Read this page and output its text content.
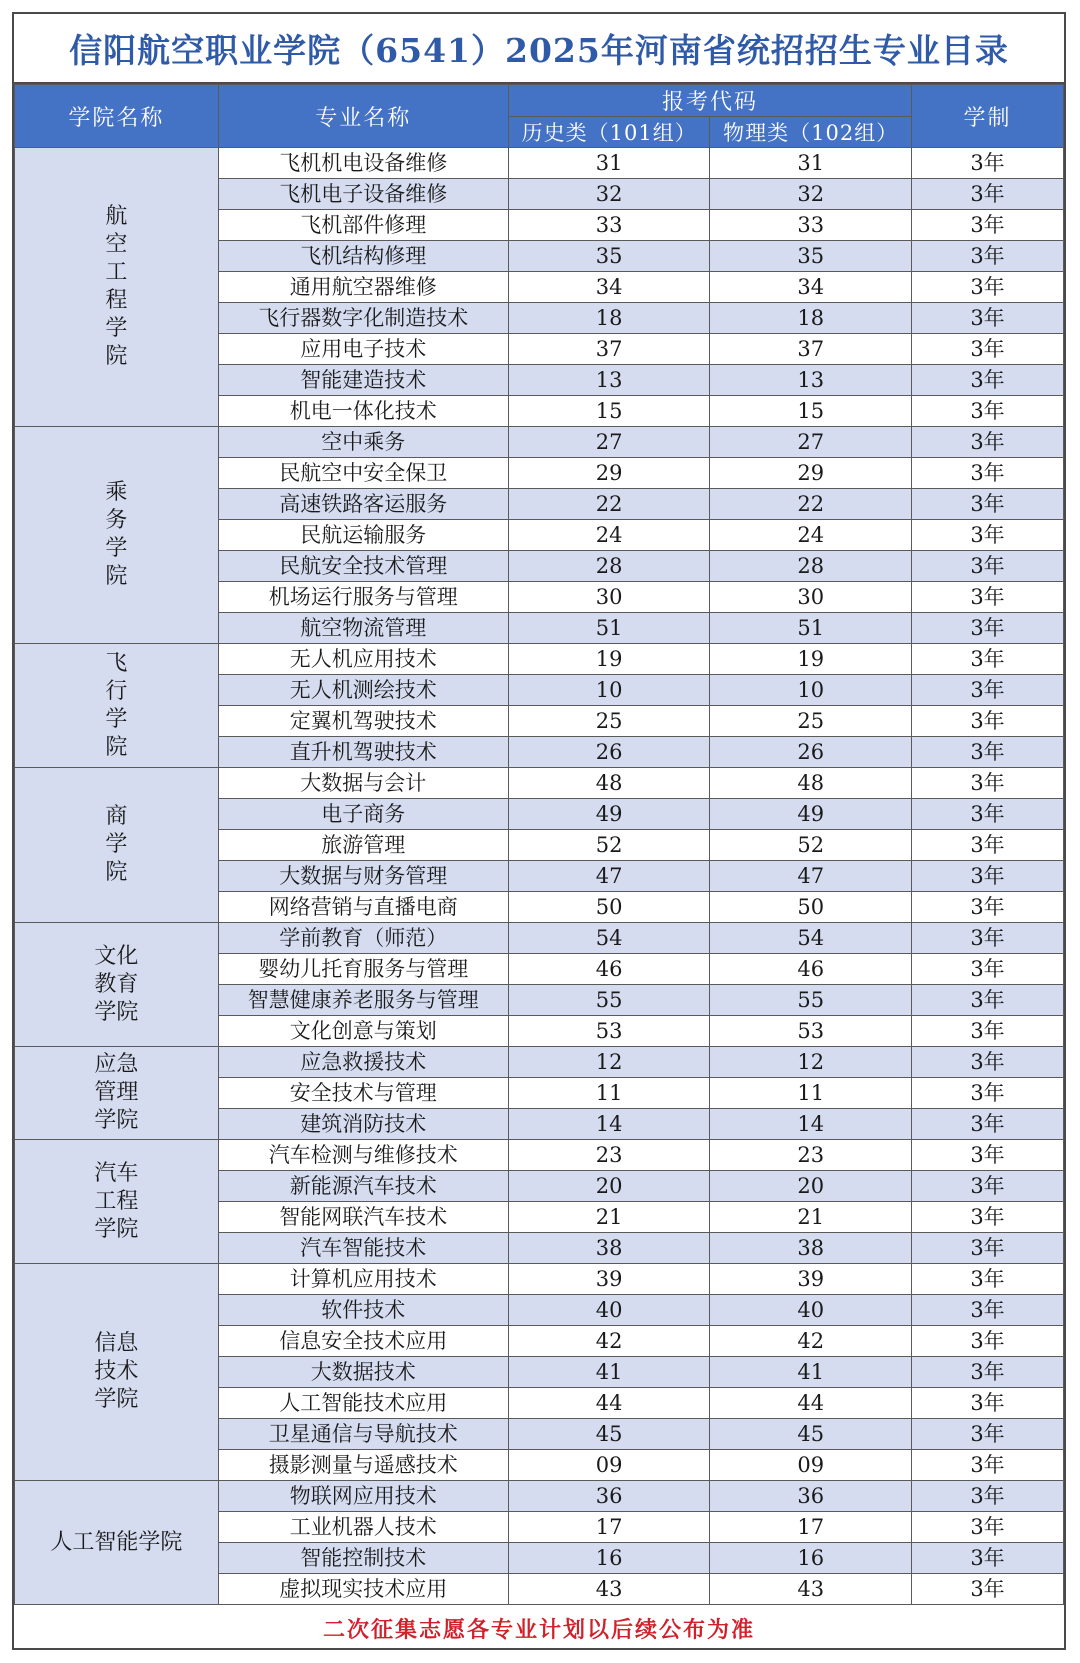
信阳航空职业学院（6541）2025年河南省统招招生专业目录
学院名称	专业名称	报考代码		学制
		历史类（101组）	物理类（102组）	
航空工程学院	飞机机电设备维修	31	31	3年
	飞机电子设备维修	32	32	3年
	飞机部件修理	33	33	3年
	飞机结构修理	35	35	3年
	通用航空器维修	34	34	3年
	飞行器数字化制造技术	18	18	3年
	应用电子技术	37	37	3年
	智能建造技术	13	13	3年
	机电一体化技术	15	15	3年
乘务学院	空中乘务	27	27	3年
	民航空中安全保卫	29	29	3年
	高速铁路客运服务	22	22	3年
	民航运输服务	24	24	3年
	民航安全技术管理	28	28	3年
	机场运行服务与管理	30	30	3年
	航空物流管理	51	51	3年
飞行学院	无人机应用技术	19	19	3年
	无人机测绘技术	10	10	3年
	定翼机驾驶技术	25	25	3年
	直升机驾驶技术	26	26	3年
商学院	大数据与会计	48	48	3年
	电子商务	49	49	3年
	旅游管理	52	52	3年
	大数据与财务管理	47	47	3年
	网络营销与直播电商	50	50	3年
文化教育学院	学前教育（师范）	54	54	3年
	婴幼儿托育服务与管理	46	46	3年
	智慧健康养老服务与管理	55	55	3年
	文化创意与策划	53	53	3年
应急管理学院	应急救援技术	12	12	3年
	安全技术与管理	11	11	3年
	建筑消防技术	14	14	3年
汽车工程学院	汽车检测与维修技术	23	23	3年
	新能源汽车技术	20	20	3年
	智能网联汽车技术	21	21	3年
	汽车智能技术	38	38	3年
信息技术学院	计算机应用技术	39	39	3年
	软件技术	40	40	3年
	信息安全技术应用	42	42	3年
	大数据技术	41	41	3年
	人工智能技术应用	44	44	3年
	卫星通信与导航技术	45	45	3年
	摄影测量与遥感技术	09	09	3年
人工智能学院	物联网应用技术	36	36	3年
	工业机器人技术	17	17	3年
	智能控制技术	16	16	3年
	虚拟现实技术应用	43	43	3年
二次征集志愿各专业计划以后续公布为准
